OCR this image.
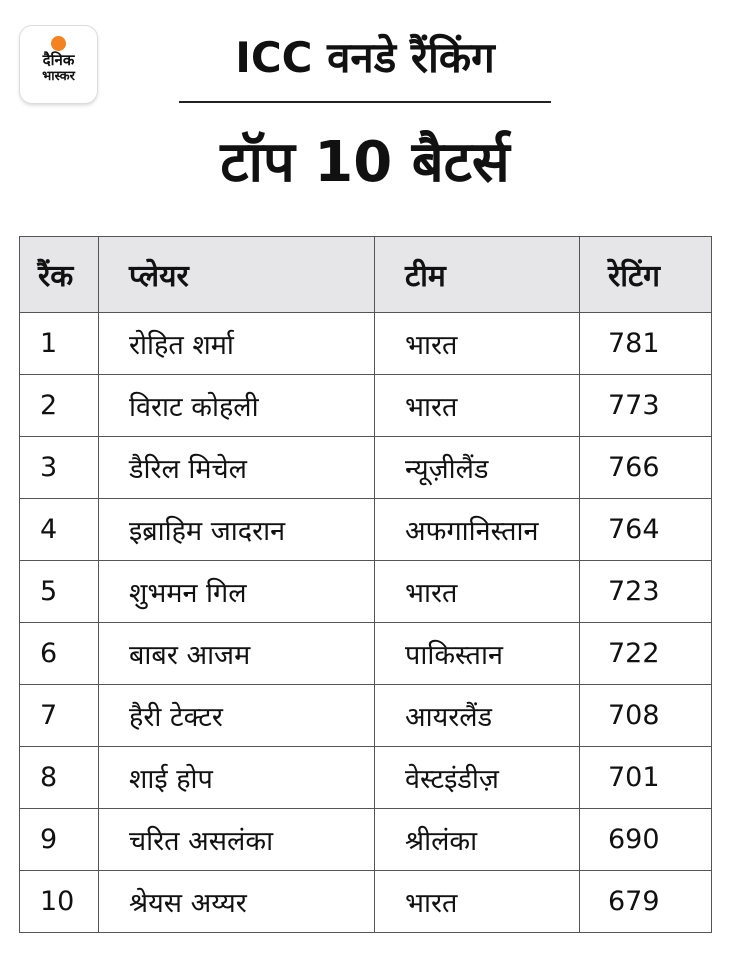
दैनिक
भास्कर	ICC वनडे रैंकिंग
टॉप 10 बैटर्स
रैंक	प्लेयर	टीम	रेटिंग
1	रोहित शर्मा	भारत	781
2	विराट कोहली	भारत	773
3	डैरिल मिचेल	न्यूज़ीलैंड	766
4	इब्राहिम जादरान	अफगानिस्तान	764
5	शुभमन गिल	भारत	723
6	बाबर आजम	पाकिस्तान	722
7	हैरी टेक्टर	आयरलैंड	708
8	शाई होप	वेस्टइंडीज़	701
9	चरित असलंका	श्रीलंका	690
10	श्रेयस अय्यर	भारत	679
